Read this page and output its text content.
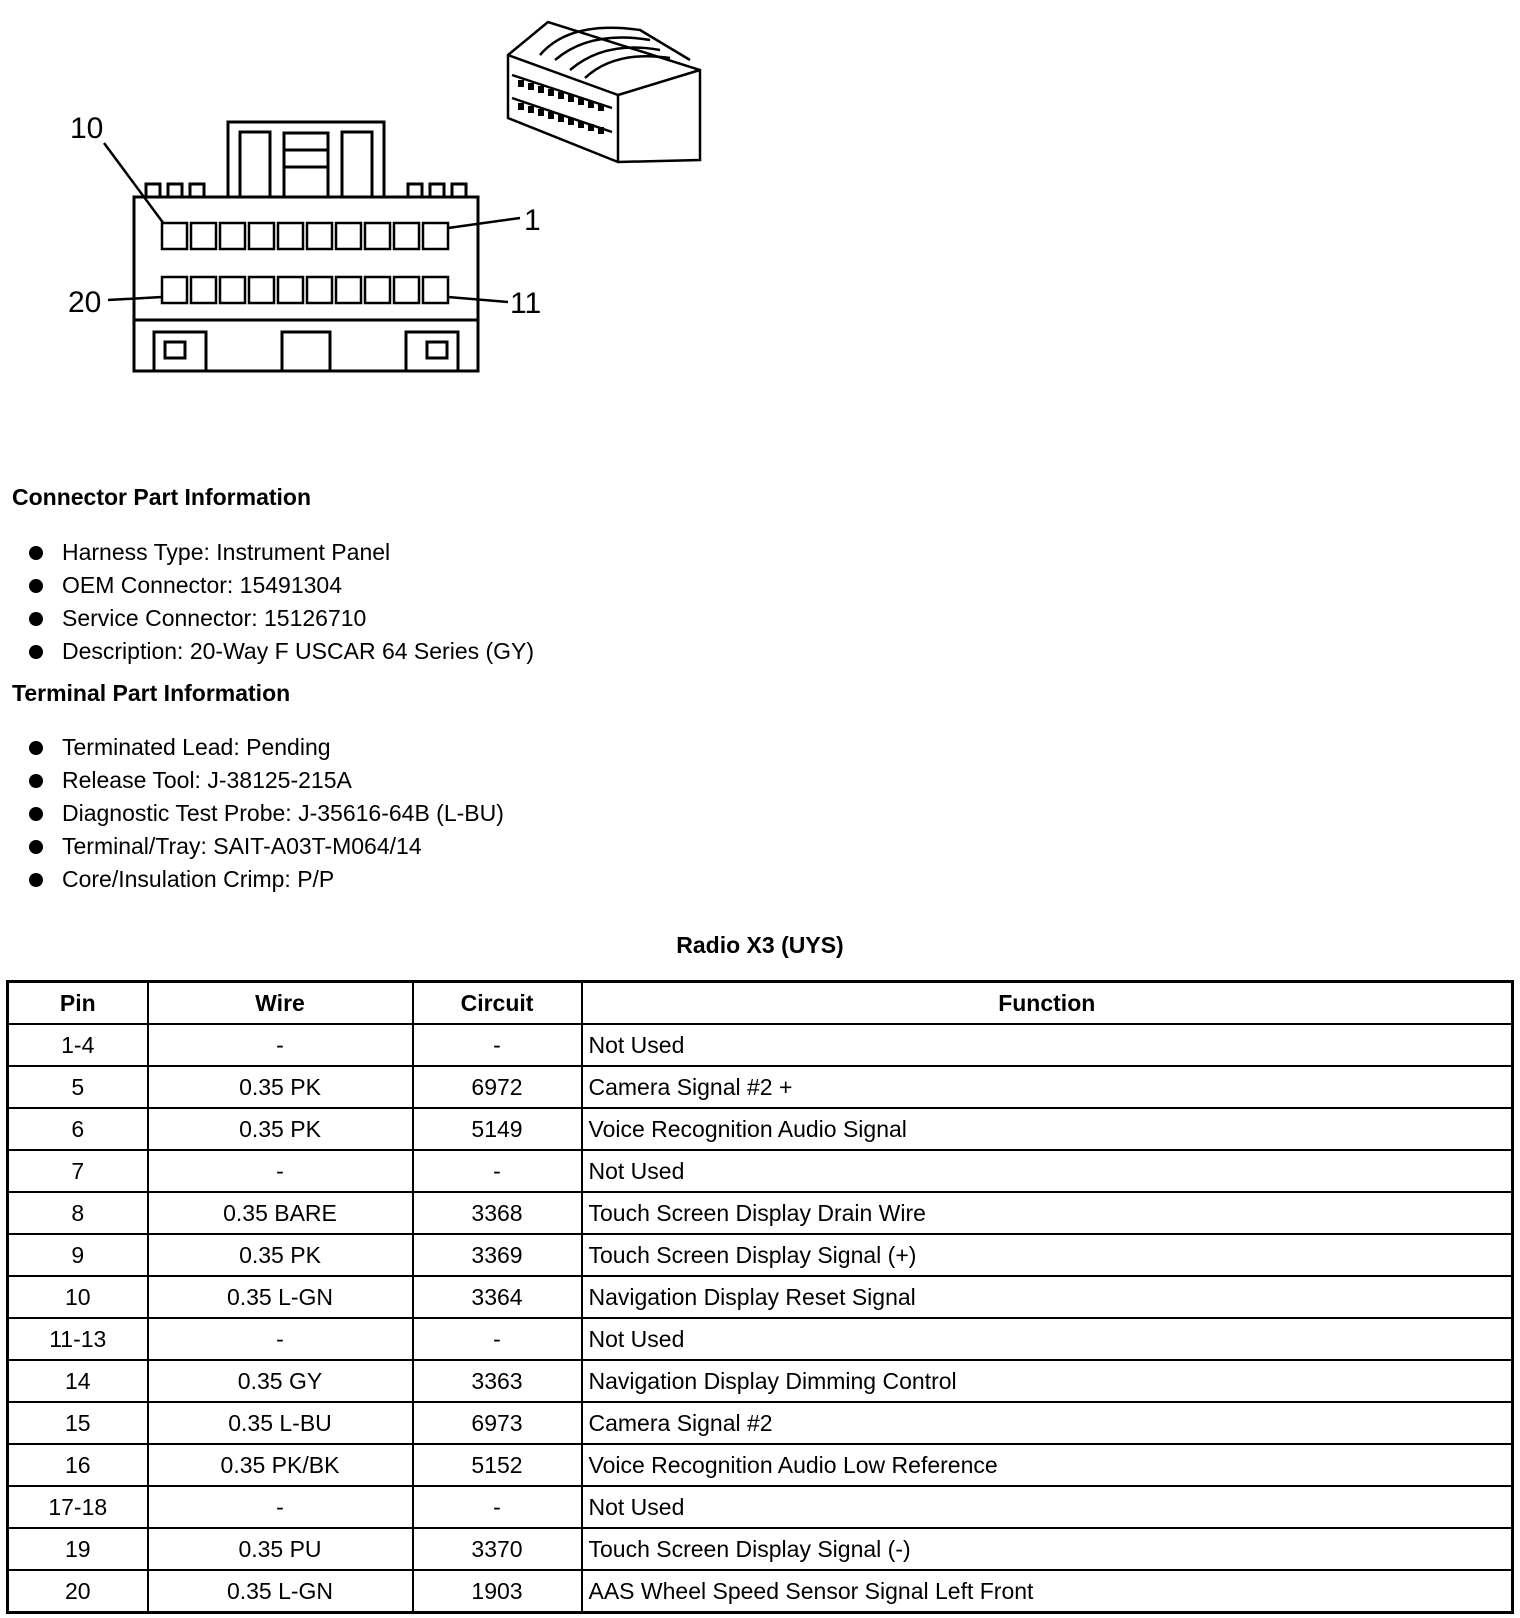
10
1
20	11
Connector Part Information
Harness Type: Instrument Panel
OEM Connector: 15491304
Service Connector: 15126710
Description: 20-Way F USCAR 64 Series (GY)
Terminal Part Information
Terminated Lead: Pending
Release Tool: J-38125-215A
Diagnostic Test Probe: J-35616-64B (L-BU)
Terminal/Tray: SAIT-A03T-M064/14
Core/Insulation Crimp: P/P
Radio X3 (UYS)
Pin	Wire	Circuit	Function
1-4	-	-	Not Used
5	0.35 PK	6972	Camera Signal #2 +
6	0.35 PK	5149	Voice Recognition Audio Signal
7	-	-	Not Used
8	0.35 BARE	3368	Touch Screen Display Drain Wire
9	0.35 PK	3369	Touch Screen Display Signal (+)
10	0.35 L-GN	3364	Navigation Display Reset Signal
11-13	-	-	Not Used
14	0.35 GY	3363	Navigation Display Dimming Control
15	0.35 L-BU	6973	Camera Signal #2
16	0.35 PK/BK	5152	Voice Recognition Audio Low Reference
17-18	-	-	Not Used
19	0.35 PU	3370	Touch Screen Display Signal (-)
20	0.35 L-GN	1903	AAS Wheel Speed Sensor Signal Left Front
